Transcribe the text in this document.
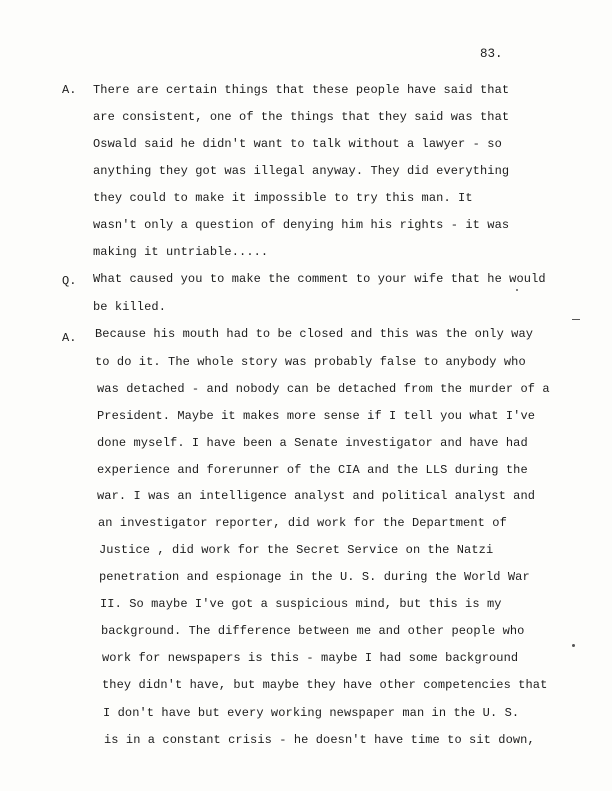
83.
A. There are certain things that these people have said that
are consistent, one of the things that they said was that
Oswald said he didn't want to talk without a lawyer - so
anything they got was illegal anyway. They did everything
they could to make it impossible to try this man. It
wasn't only a question of denying him his rights - it was
making it untriable.....
Q. What caused you to make the comment to your wife that he would
be killed.
A. Because his mouth had to be closed and this was the only way
to do it. The whole story was probably false to anybody who
was detached - and nobody can be detached from the murder of a
President. Maybe it makes more sense if I tell you what I've
done myself. I have been a Senate investigator and have had
experience and forerunner of the CIA and the LLS during the
war. I was an intelligence analyst and political analyst and
an investigator reporter, did work for the Department of
Justice , did work for the Secret Service on the Natzi
penetration and espionage in the U. S. during the World War
II. So maybe I've got a suspicious mind, but this is my
background. The difference between me and other people who
work for newspapers is this - maybe I had some background
they didn't have, but maybe they have other competencies that
I don't have but every working newspaper man in the U. S.
is in a constant crisis - he doesn't have time to sit down,
